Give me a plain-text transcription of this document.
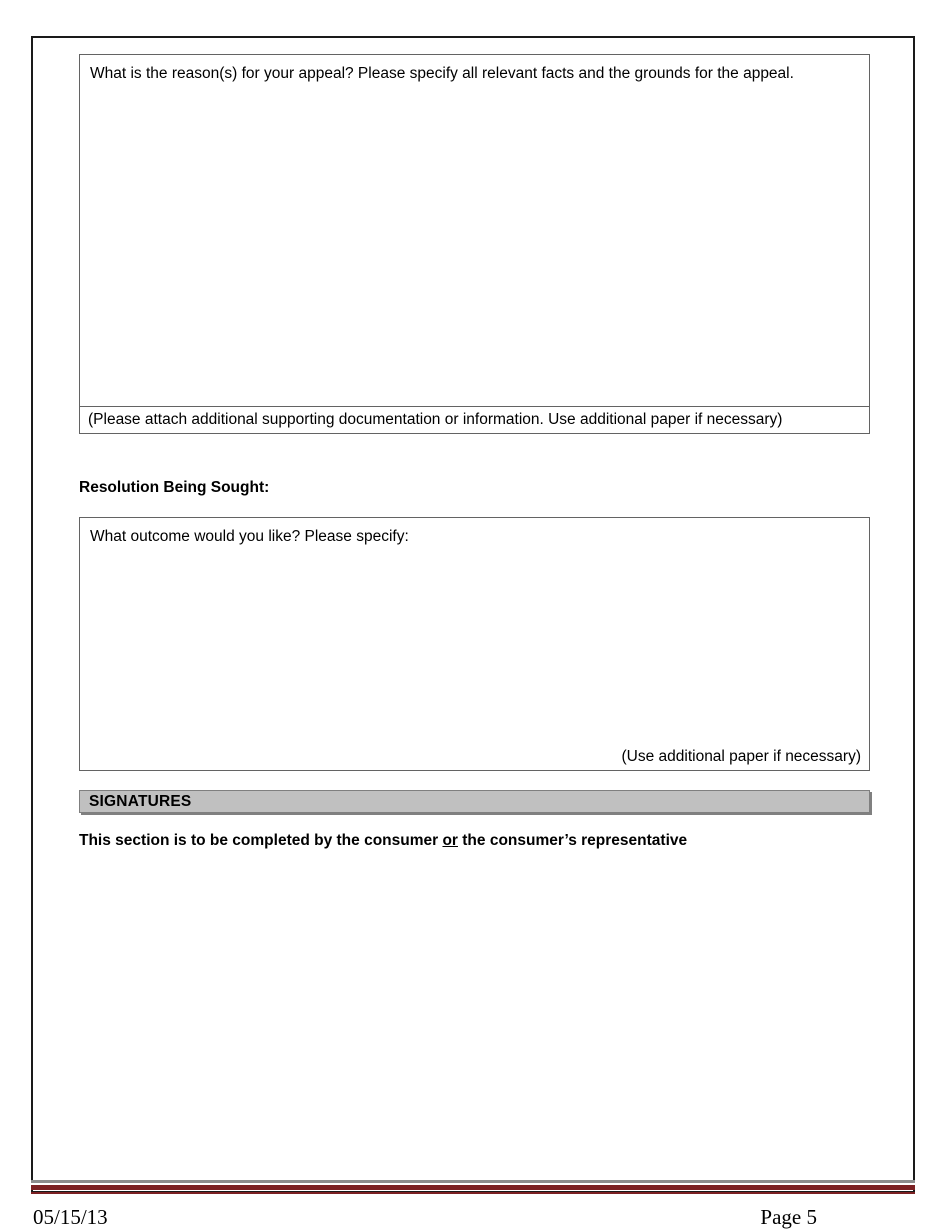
What is the reason(s) for your appeal? Please specify all relevant facts and the grounds for the appeal.
(Please attach additional supporting documentation or information. Use additional paper if necessary)
Resolution Being Sought:
What outcome would you like? Please specify:
(Use additional paper if necessary)
SIGNATURES
This section is to be completed by the consumer or the consumer’s representative
05/15/13	Page 5
